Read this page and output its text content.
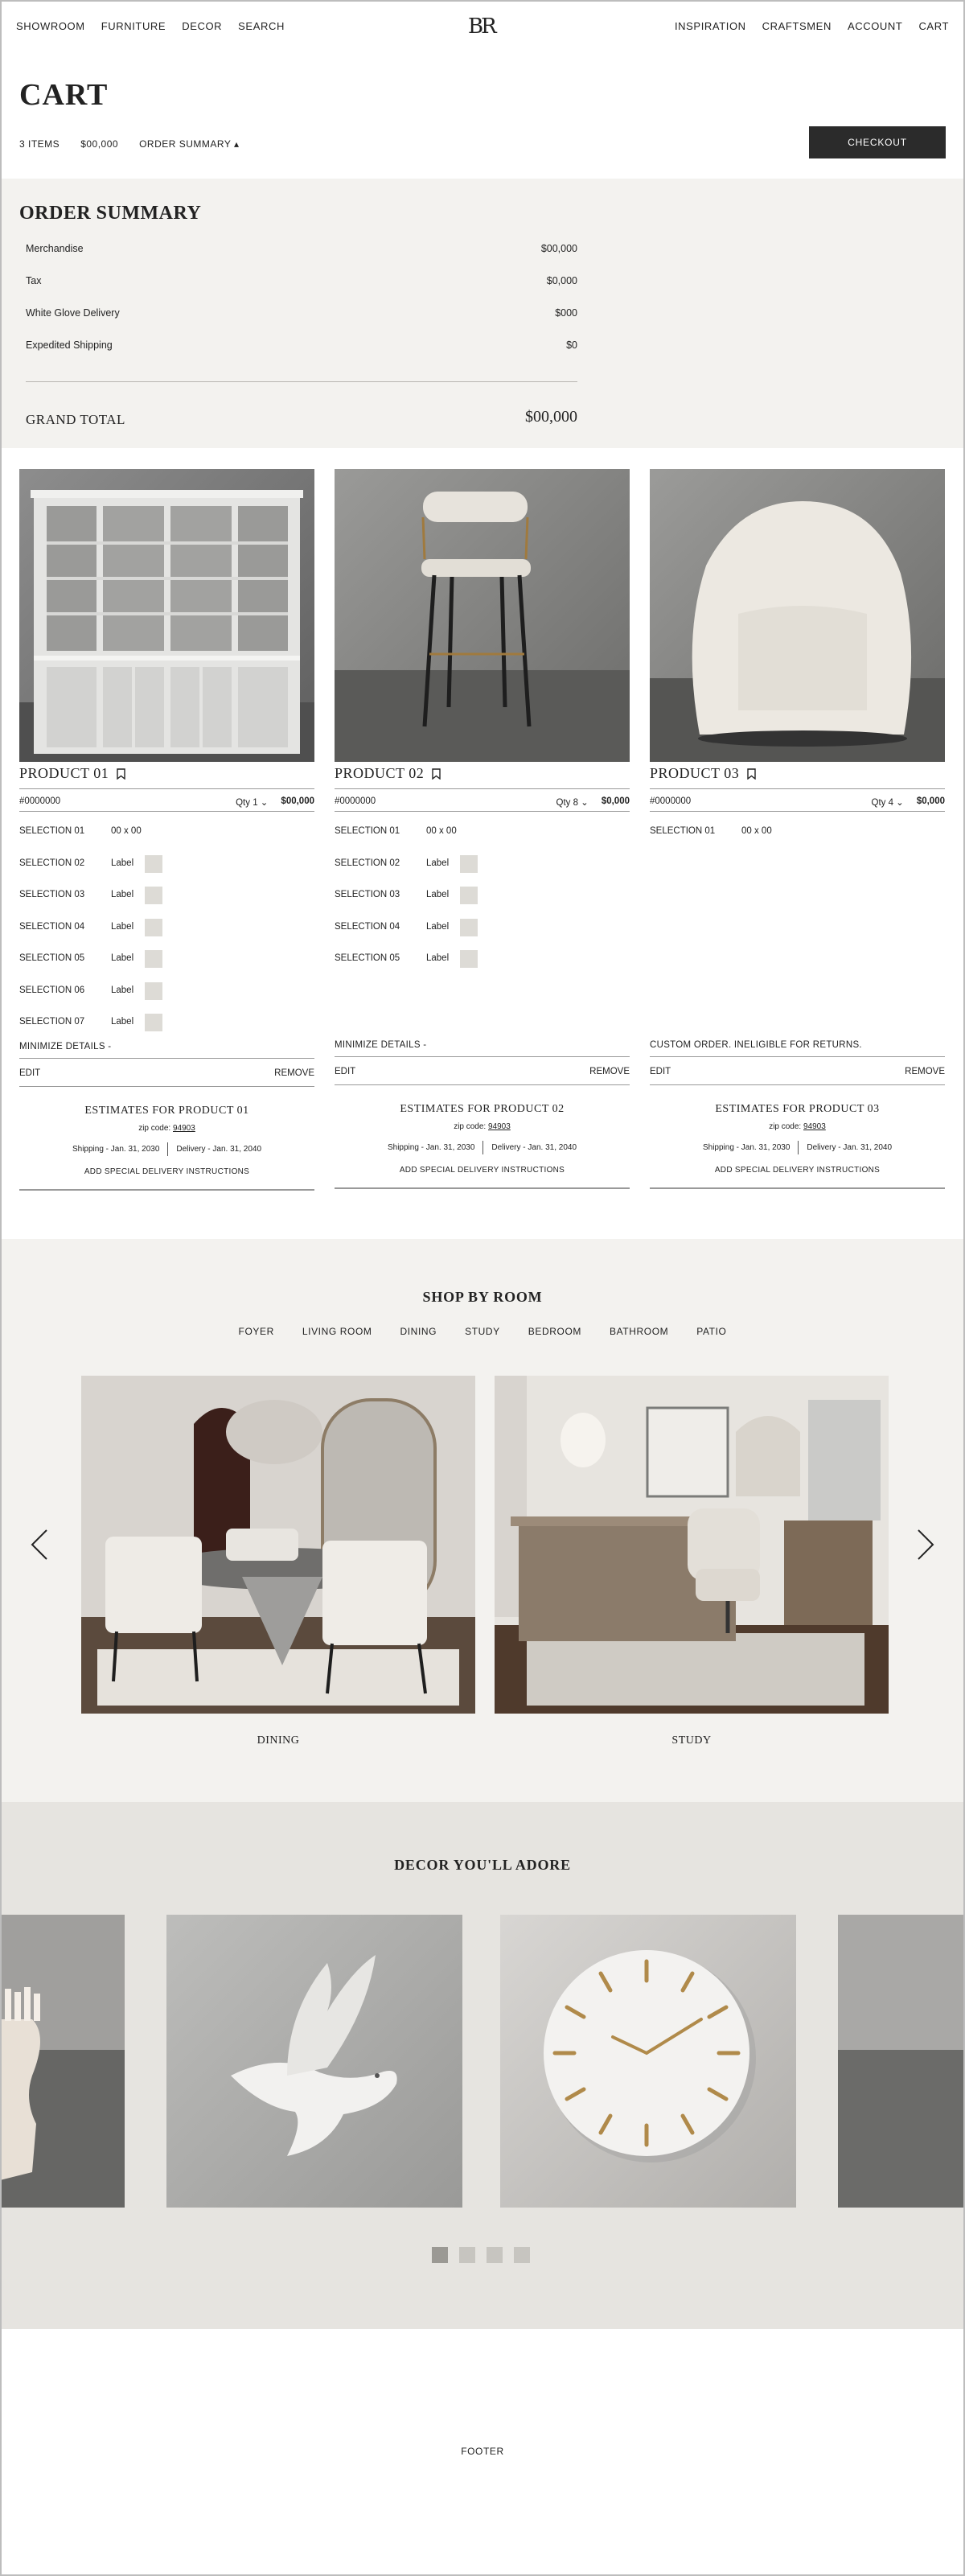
SHOWROOM FURNITURE DECOR SEARCH	BR	INSPIRATION CRAFTSMEN ACCOUNT CART
CART
3 ITEMS $00,000 ORDER SUMMARY ▴	CHECKOUT
ORDER SUMMARY
Merchandise	$00,000
Tax	$0,000
White Glove Delivery	$000
Expedited Shipping	$0
GRAND TOTAL	$00,000
PRODUCT 01
#0000000	Qty 1 ⌄ $00,000
SELECTION 01	00 x 00
SELECTION 02	Label
SELECTION 03	Label
SELECTION 04	Label
SELECTION 05	Label
SELECTION 06	Label
SELECTION 07	Label
MINIMIZE DETAILS -
EDIT	REMOVE
ESTIMATES FOR PRODUCT 01
zip code: 94903
Shipping - Jan. 31, 2030	Delivery - Jan. 31, 2040
ADD SPECIAL DELIVERY INSTRUCTIONS
PRODUCT 02
#0000000	Qty 8 ⌄ $0,000
SELECTION 01	00 x 00
SELECTION 02	Label
SELECTION 03	Label
SELECTION 04	Label
SELECTION 05	Label
MINIMIZE DETAILS -
EDIT	REMOVE
ESTIMATES FOR PRODUCT 02
zip code: 94903
Shipping - Jan. 31, 2030	Delivery - Jan. 31, 2040
ADD SPECIAL DELIVERY INSTRUCTIONS
PRODUCT 03
#0000000	Qty 4 ⌄ $0,000
SELECTION 01	00 x 00
CUSTOM ORDER. INELIGIBLE FOR RETURNS.
EDIT	REMOVE
ESTIMATES FOR PRODUCT 03
zip code: 94903
Shipping - Jan. 31, 2030	Delivery - Jan. 31, 2040
ADD SPECIAL DELIVERY INSTRUCTIONS
SHOP BY ROOM
FOYER	LIVING ROOM	DINING	STUDY	BEDROOM	BATHROOM	PATIO
DINING	STUDY
DECOR YOU'LL ADORE
FOOTER
